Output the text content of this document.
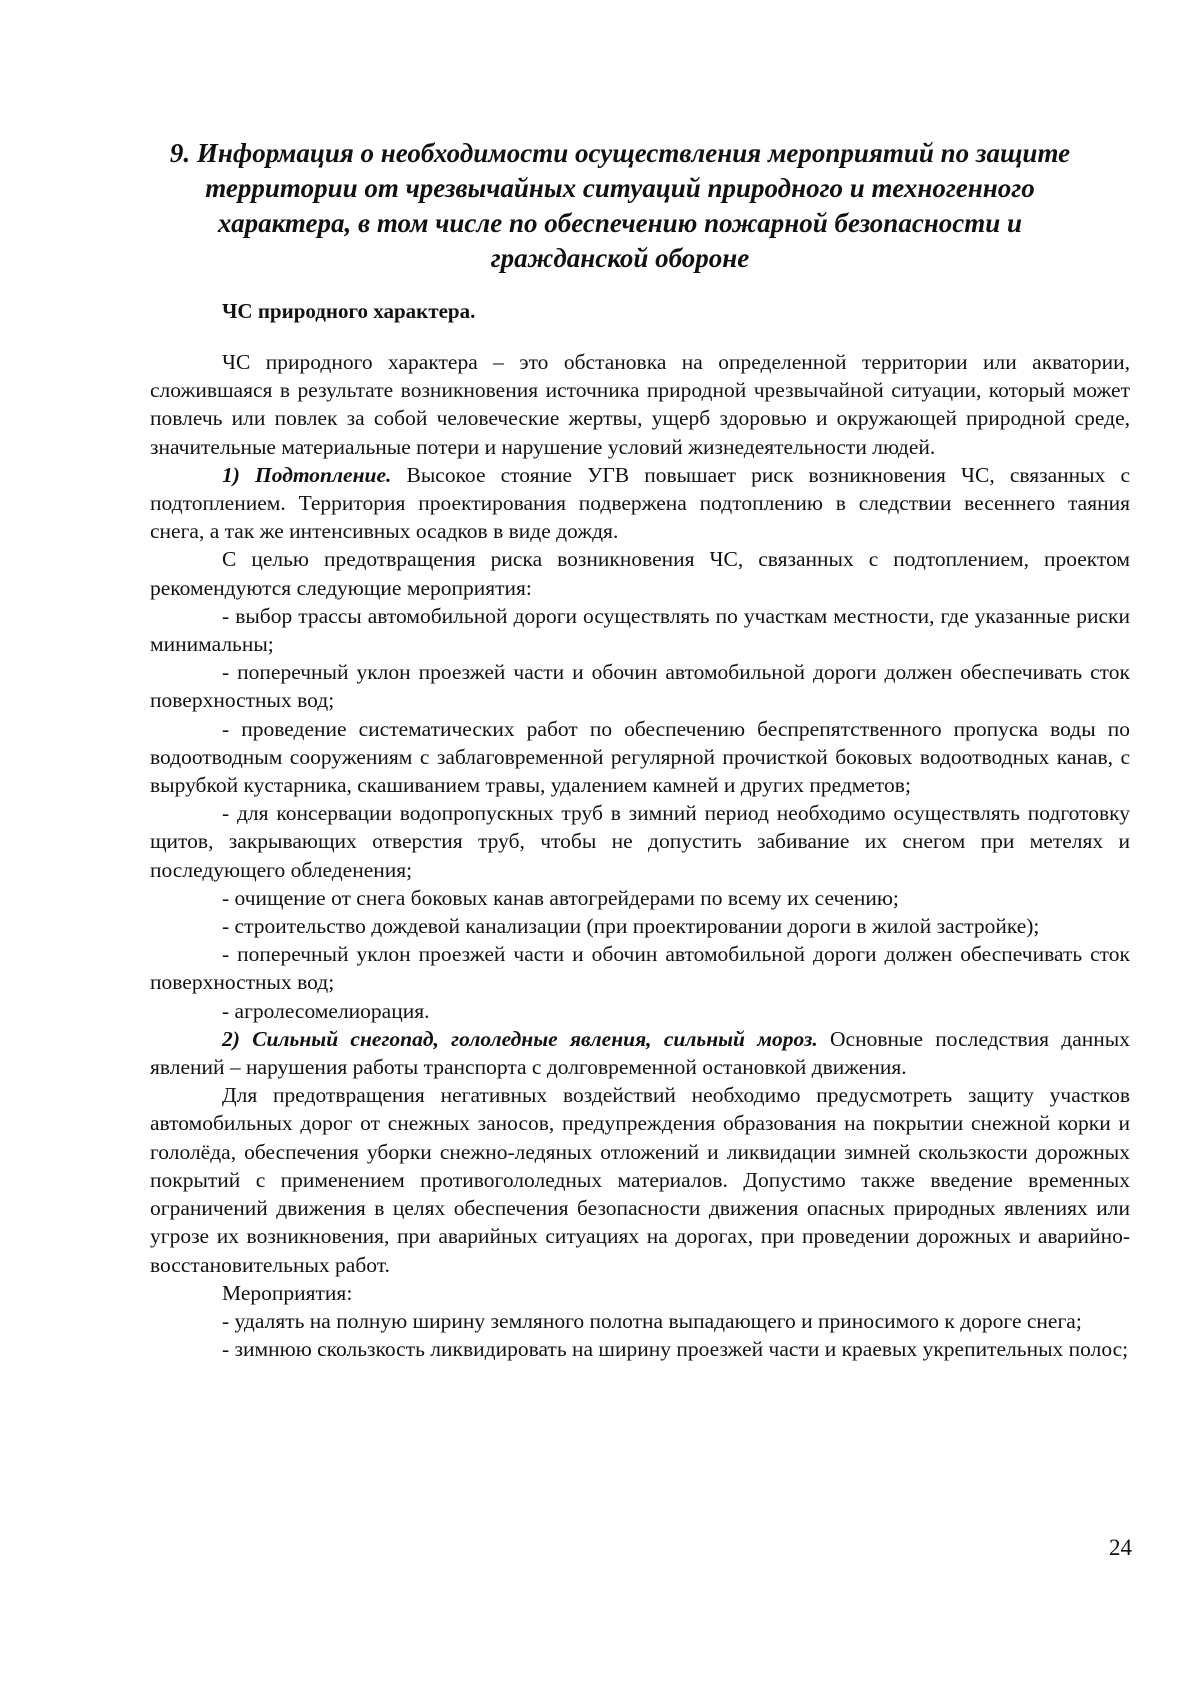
9. Информация о необходимости осуществления мероприятий по защите территории от чрезвычайных ситуаций природного и техногенного характера, в том числе по обеспечению пожарной безопасности и гражданской обороне
ЧС природного характера.

ЧС природного характера – это обстановка на определенной территории или акватории, сложившаяся в результате возникновения источника природной чрезвычайной ситуации, который может повлечь или повлек за собой человеческие жертвы, ущерб здоровью и окружающей природной среде, значительные материальные потери и нарушение условий жизнедеятельности людей.

1) Подтопление. Высокое стояние УГВ повышает риск возникновения ЧС, связанных с подтоплением. Территория проектирования подвержена подтоплению в следствии весеннего таяния снега, а так же интенсивных осадков в виде дождя.

С целью предотвращения риска возникновения ЧС, связанных с подтоплением, проектом рекомендуются следующие мероприятия:

- выбор трассы автомобильной дороги осуществлять по участкам местности, где указанные риски минимальны;

- поперечный уклон проезжей части и обочин автомобильной дороги должен обеспечивать сток поверхностных вод;

- проведение систематических работ по обеспечению беспрепятственного пропуска воды по водоотводным сооружениям с заблаговременной регулярной прочисткой боковых водоотводных канав, с вырубкой кустарника, скашиванием травы, удалением камней и других предметов;

- для консервации водопропускных труб в зимний период необходимо осуществлять подготовку щитов, закрывающих отверстия труб, чтобы не допустить забивание их снегом при метелях и последующего обледенения;

- очищение от снега боковых канав автогрейдерами по всему их сечению;

- строительство дождевой канализации (при проектировании дороги в жилой застройке);

- поперечный уклон проезжей части и обочин автомобильной дороги должен обеспечивать сток поверхностных вод;

- агролесомелиорация.

2) Сильный снегопад, гололедные явления, сильный мороз. Основные последствия данных явлений – нарушения работы транспорта с долговременной остановкой движения.

Для предотвращения негативных воздействий необходимо предусмотреть защиту участков автомобильных дорог от снежных заносов, предупреждения образования на покрытии снежной корки и гололёда, обеспечения уборки снежно-ледяных отложений и ликвидации зимней скользкости дорожных покрытий с применением противогололедных материалов. Допустимо также введение временных ограничений движения в целях обеспечения безопасности движения опасных природных явлениях или угрозе их возникновения, при аварийных ситуациях на дорогах, при проведении дорожных и аварийно-восстановительных работ.

Мероприятия:

- удалять на полную ширину земляного полотна выпадающего и приносимого к дороге снега;

- зимнюю скользкость ликвидировать на ширину проезжей части и краевых укрепительных полос;

24
